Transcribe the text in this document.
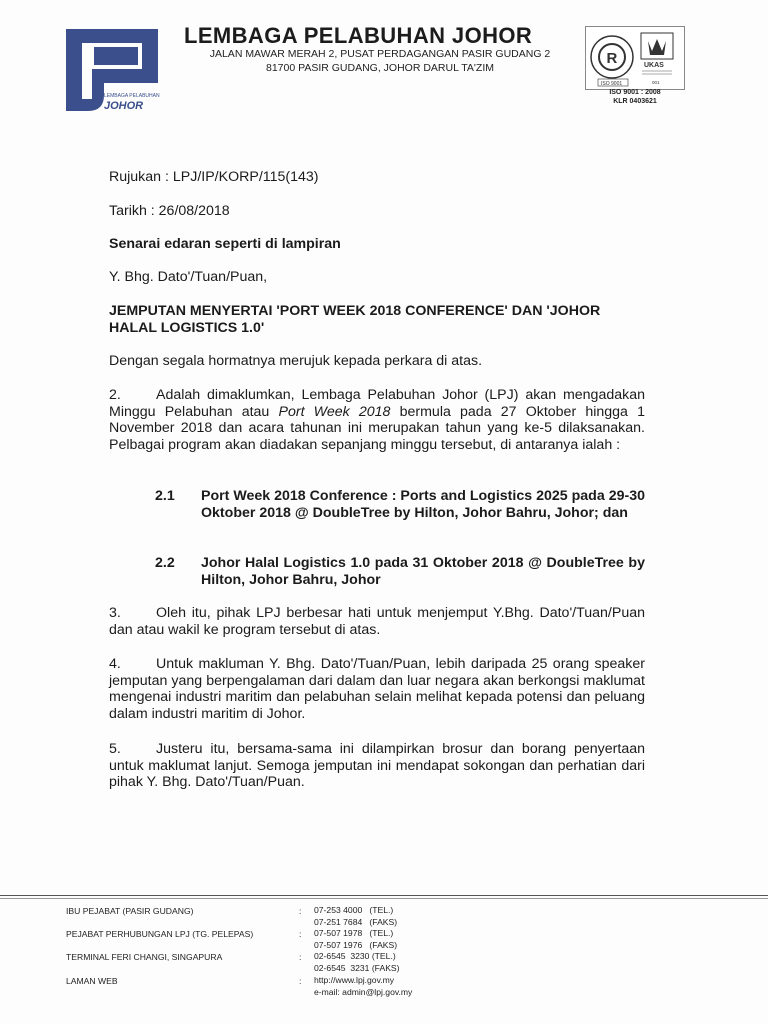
LEMBAGA PELABUHAN
JOHOR
LEMBAGA PELABUHAN JOHOR
JALAN MAWAR MERAH 2, PUSAT PERDAGANGAN PASIR GUDANG 2
81700 PASIR GUDANG, JOHOR DARUL TA'ZIM
R
ISO 9001
UKAS
001
ISO 9001 : 2008
KLR 0403621
Rujukan : LPJ/IP/KORP/115(143)
Tarikh : 26/08/2018
Senarai edaran seperti di lampiran
Y. Bhg. Dato'/Tuan/Puan,
JEMPUTAN MENYERTAI 'PORT WEEK 2018 CONFERENCE' DAN 'JOHOR
HALAL LOGISTICS 1.0'
Dengan segala hormatnya merujuk kepada perkara di atas.
2. Adalah dimaklumkan, Lembaga Pelabuhan Johor (LPJ) akan mengadakan Minggu Pelabuhan atau Port Week 2018 bermula pada 27 Oktober hingga 1 November 2018 dan acara tahunan ini merupakan tahun yang ke-5 dilaksanakan. Pelbagai program akan diadakan sepanjang minggu tersebut, di antaranya ialah :
2.1 Port Week 2018 Conference : Ports and Logistics 2025 pada 29-30 Oktober 2018 @ DoubleTree by Hilton, Johor Bahru, Johor; dan
2.2 Johor Halal Logistics 1.0 pada 31 Oktober 2018 @ DoubleTree by Hilton, Johor Bahru, Johor
3. Oleh itu, pihak LPJ berbesar hati untuk menjemput Y.Bhg. Dato'/Tuan/Puan dan atau wakil ke program tersebut di atas.
4. Untuk makluman Y. Bhg. Dato'/Tuan/Puan, lebih daripada 25 orang speaker jemputan yang berpengalaman dari dalam dan luar negara akan berkongsi maklumat mengenai industri maritim dan pelabuhan selain melihat kepada potensi dan peluang dalam industri maritim di Johor.
5. Justeru itu, bersama-sama ini dilampirkan brosur dan borang penyertaan untuk maklumat lanjut. Semoga jemputan ini mendapat sokongan dan perhatian dari pihak Y. Bhg. Dato'/Tuan/Puan.
IBU PEJABAT (PASIR GUDANG)	: 07-253 4000   (TEL.)
07-251 7684   (FAKS)
PEJABAT PERHUBUNGAN LPJ (TG. PELEPAS)	: 07-507 1978   (TEL.)
07-507 1976   (FAKS)
TERMINAL FERI CHANGI, SINGAPURA	: 02-6545  3230 (TEL.)
02-6545  3231 (FAKS)
LAMAN WEB	: http://www.lpj.gov.my
e-mail: admin@lpj.gov.my
